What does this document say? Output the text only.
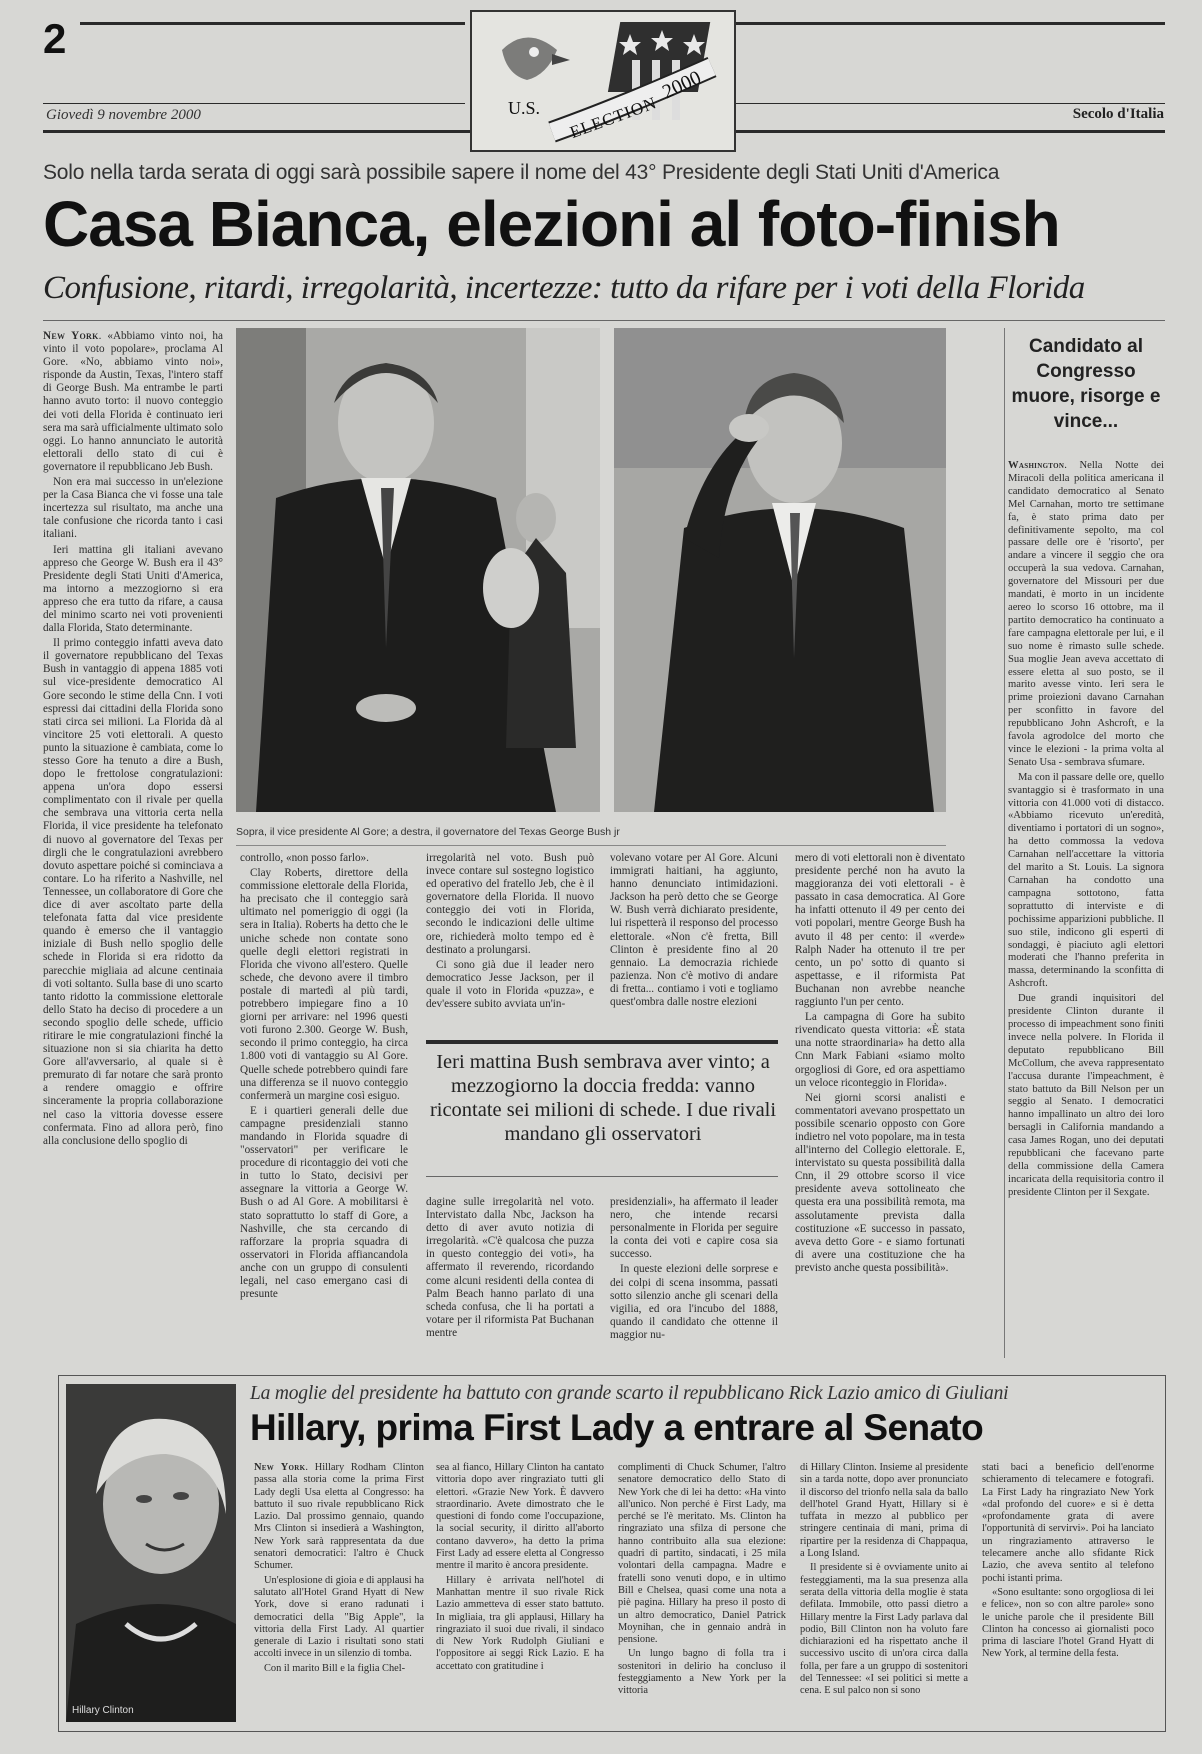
2
Giovedì 9 novembre 2000	Secolo d'Italia
U.S. ELECTION
2000
Solo nella tarda serata di oggi sarà possibile sapere il nome del 43° Presidente degli Stati Uniti d'America
Casa Bianca, elezioni al foto-finish
Confusione, ritardi, irregolarità, incertezze: tutto da rifare per i voti della Florida

New York. «Abbiamo vinto noi, ha vinto il voto popolare», proclama Al Gore. «No, abbiamo vinto noi», risponde da Austin, Texas, l'intero staff di George Bush. Ma entrambe le parti hanno avuto torto: il nuovo conteggio dei voti della Florida è continuato ieri sera ma sarà ufficialmente ultimato solo oggi. Lo hanno annunciato le autorità elettorali dello stato di cui è governatore il repubblicano Jeb Bush.

Non era mai successo in un'elezione per la Casa Bianca che vi fosse una tale incertezza sul risultato, ma anche una tale confusione che ricorda tanto i casi italiani.

Ieri mattina gli italiani avevano appreso che George W. Bush era il 43° Presidente degli Stati Uniti d'America, ma intorno a mezzogiorno si era appreso che era tutto da rifare, a causa del minimo scarto nei voti provenienti dalla Florida, Stato determinante.

Il primo conteggio infatti aveva dato il governatore repubblicano del Texas Bush in vantaggio di appena 1885 voti sul vice-presidente democratico Al Gore secondo le stime della Cnn. I voti espressi dai cittadini della Florida sono stati circa sei milioni. La Florida dà al vincitore 25 voti elettorali. A questo punto la situazione è cambiata, come lo stesso Gore ha tenuto a dire a Bush, dopo le frettolose congratulazioni: appena un'ora dopo essersi complimentato con il rivale per quella che sembrava una vittoria certa nella Florida, il vice presidente ha telefonato di nuovo al governatore del Texas per dirgli che le congratulazioni avrebbero dovuto aspettare poiché si cominciava a contare. Lo ha riferito a Nashville, nel Tennessee, un collaboratore di Gore che dice di aver ascoltato parte della telefonata fatta dal vice presidente quando è emerso che il vantaggio iniziale di Bush nello spoglio delle schede in Florida si era ridotto da parecchie migliaia ad alcune centinaia di voti soltanto. Sulla base di uno scarto tanto ridotto la commissione elettorale dello Stato ha deciso di procedere a un secondo spoglio delle schede, ufficio ritirare le mie congratulazioni finché la situazione non si sia chiarita ha detto Gore all'avversario, al quale si è premurato di far notare che sarà pronto a rendere omaggio e offrire sinceramente la propria collaborazione nel caso la vittoria dovesse essere confermata. Fino ad allora però, fino alla conclusione dello spoglio di

Sopra, il vice presidente Al Gore; a destra, il governatore del Texas George Bush jr

controllo, «non posso farlo».

Clay Roberts, direttore della commissione elettorale della Florida, ha precisato che il conteggio sarà ultimato nel pomeriggio di oggi (la sera in Italia). Roberts ha detto che le uniche schede non contate sono quelle degli elettori registrati in Florida che vivono all'estero. Quelle schede, che devono avere il timbro postale di martedì al più tardi, potrebbero impiegare fino a 10 giorni per arrivare: nel 1996 questi voti furono 2.300. George W. Bush, secondo il primo conteggio, ha circa 1.800 voti di vantaggio su Al Gore. Quelle schede potrebbero quindi fare una differenza se il nuovo conteggio confermerà un margine così esiguo.

E i quartieri generali delle due campagne presidenziali stanno mandando in Florida squadre di "osservatori" per verificare le procedure di ricontaggio dei voti che in tutto lo Stato, decisivi per assegnare la vittoria a George W. Bush o ad Al Gore. A mobilitarsi è stato soprattutto lo staff di Gore, a Nashville, che sta cercando di rafforzare la propria squadra di osservatori in Florida affiancandola anche con un gruppo di consulenti legali, nel caso emergano casi di presunte

irregolarità nel voto. Bush può invece contare sul sostegno logistico ed operativo del fratello Jeb, che è il governatore della Florida. Il nuovo conteggio dei voti in Florida, secondo le indicazioni delle ultime ore, richiederà molto tempo ed è destinato a prolungarsi.

Ci sono già due il leader nero democratico Jesse Jackson, per il quale il voto in Florida «puzza», e dev'essere subito avviata un'in-

volevano votare per Al Gore. Alcuni immigrati haitiani, ha aggiunto, hanno denunciato intimidazioni. Jackson ha però detto che se George W. Bush verrà dichiarato presidente, lui rispetterà il responso del processo elettorale. «Non c'è fretta, Bill Clinton è presidente fino al 20 gennaio. La democrazia richiede pazienza. Non c'è motivo di andare di fretta... contiamo i voti e togliamo quest'ombra dalle nostre elezioni

Ieri mattina Bush sembrava aver vinto; a mezzogiorno la doccia fredda: vanno ricontate sei milioni di schede. I due rivali mandano gli osservatori

dagine sulle irregolarità nel voto. Intervistato dalla Nbc, Jackson ha detto di aver avuto notizia di irregolarità. «C'è qualcosa che puzza in questo conteggio dei voti», ha affermato il reverendo, ricordando come alcuni residenti della contea di Palm Beach hanno parlato di una scheda confusa, che li ha portati a votare per il riformista Pat Buchanan mentre

presidenziali», ha affermato il leader nero, che intende recarsi personalmente in Florida per seguire la conta dei voti e capire cosa sia successo.

In queste elezioni delle sorprese e dei colpi di scena insomma, passati sotto silenzio anche gli scenari della vigilia, ed ora l'incubo del 1888, quando il candidato che ottenne il maggior nu-

mero di voti elettorali non è diventato presidente perché non ha avuto la maggioranza dei voti elettorali - è passato in casa democratica. Al Gore ha infatti ottenuto il 49 per cento dei voti popolari, mentre George Bush ha avuto il 48 per cento: il «verde» Ralph Nader ha ottenuto il tre per cento, un po' sotto di quanto si aspettasse, e il riformista Pat Buchanan non avrebbe neanche raggiunto l'un per cento.

La campagna di Gore ha subito rivendicato questa vittoria: «È stata una notte straordinaria» ha detto alla Cnn Mark Fabiani «siamo molto orgogliosi di Gore, ed ora aspettiamo un veloce riconteggio in Florida».

Nei giorni scorsi analisti e commentatori avevano prospettato un possibile scenario opposto con Gore indietro nel voto popolare, ma in testa all'interno del Collegio elettorale. E, intervistato su questa possibilità dalla Cnn, il 29 ottobre scorso il vice presidente aveva sottolineato che questa era una possibilità remota, ma assolutamente prevista dalla costituzione «E successo in passato, aveva detto Gore - e siamo fortunati di avere una costituzione che ha previsto anche questa possibilità».

Candidato al Congresso muore, risorge e vince...

Washington. Nella Notte dei Miracoli della politica americana il candidato democratico al Senato Mel Carnahan, morto tre settimane fa, è stato prima dato per definitivamente sepolto, ma col passare delle ore è 'risorto', per andare a vincere il seggio che ora occuperà la sua vedova. Carnahan, governatore del Missouri per due mandati, è morto in un incidente aereo lo scorso 16 ottobre, ma il partito democratico ha continuato a fare campagna elettorale per lui, e il suo nome è rimasto sulle schede. Sua moglie Jean aveva accettato di essere eletta al suo posto, se il marito avesse vinto. Ieri sera le prime proiezioni davano Carnahan per sconfitto in favore del repubblicano John Ashcroft, e la favola agrodolce del morto che vince le elezioni - la prima volta al Senato Usa - sembrava sfumare.

Ma con il passare delle ore, quello svantaggio si è trasformato in una vittoria con 41.000 voti di distacco. «Abbiamo ricevuto un'eredità, diventiamo i portatori di un sogno», ha detto commossa la vedova Carnahan nell'accettare la vittoria del marito a St. Louis. La signora Carnahan ha condotto una campagna sottotono, fatta soprattutto di interviste e di pochissime apparizioni pubbliche. Il suo stile, indicono gli esperti di sondaggi, è piaciuto agli elettori moderati che l'hanno preferita in massa, determinando la sconfitta di Ashcroft.

Due grandi inquisitori del presidente Clinton durante il processo di impeachment sono finiti invece nella polvere. In Florida il deputato repubblicano Bill McCollum, che aveva rappresentato l'accusa durante l'impeachment, è stato battuto da Bill Nelson per un seggio al Senato. I democratici hanno impallinato un altro dei loro bersagli in California mandando a casa James Rogan, uno dei deputati repubblicani che facevano parte della commissione della Camera incaricata della requisitoria contro il presidente Clinton per il Sexgate.

Hillary Clinton
La moglie del presidente ha battuto con grande scarto il repubblicano Rick Lazio amico di Giuliani
Hillary, prima First Lady a entrare al Senato

New York. Hillary Rodham Clinton passa alla storia come la prima First Lady degli Usa eletta al Congresso: ha battuto il suo rivale repubblicano Rick Lazio. Dal prossimo gennaio, quando Mrs Clinton si insedierà a Washington, New York sarà rappresentata da due senatori democratici: l'altro è Chuck Schumer.

Un'esplosione di gioia e di applausi ha salutato all'Hotel Grand Hyatt di New York, dove si erano radunati i democratici della "Big Apple", la vittoria della First Lady. Al quartier generale di Lazio i risultati sono stati accolti invece in un silenzio di tomba.

Con il marito Bill e la figlia Chel-

sea al fianco, Hillary Clinton ha cantato vittoria dopo aver ringraziato tutti gli elettori. «Grazie New York. È davvero straordinario. Avete dimostrato che le questioni di fondo come l'occupazione, la social security, il diritto all'aborto contano davvero», ha detto la prima First Lady ad essere eletta al Congresso mentre il marito è ancora presidente.

Hillary è arrivata nell'hotel di Manhattan mentre il suo rivale Rick Lazio ammetteva di esser stato battuto. In migliaia, tra gli applausi, Hillary ha ringraziato il suoi due rivali, il sindaco di New York Rudolph Giuliani e l'oppositore ai seggi Rick Lazio. E ha accettato con gratitudine i

complimenti di Chuck Schumer, l'altro senatore democratico dello Stato di New York che di lei ha detto: «Ha vinto all'unico. Non perché è First Lady, ma perché se l'è meritato. Ms. Clinton ha ringraziato una sfilza di persone che hanno contribuito alla sua elezione: quadri di partito, sindacati, i 25 mila volontari della campagna. Madre e fratelli sono venuti dopo, e in ultimo Bill e Chelsea, quasi come una nota a piè pagina. Hillary ha preso il posto di un altro democratico, Daniel Patrick Moynihan, che in gennaio andrà in pensione.

Un lungo bagno di folla tra i sostenitori in delirio ha concluso il festeggiamento a New York per la vittoria

di Hillary Clinton. Insieme al presidente sin a tarda notte, dopo aver pronunciato il discorso del trionfo nella sala da ballo dell'hotel Grand Hyatt, Hillary si è tuffata in mezzo al pubblico per stringere centinaia di mani, prima di ripartire per la residenza di Chappaqua, a Long Island.

Il presidente si è ovviamente unito ai festeggiamenti, ma la sua presenza alla serata della vittoria della moglie è stata defilata. Immobile, otto passi dietro a Hillary mentre la First Lady parlava dal podio, Bill Clinton non ha voluto fare dichiarazioni ed ha rispettato anche il successivo uscito di un'ora circa dalla folla, per fare a un gruppo di sostenitori del Tennessee: «I sei politici si mette a cena. E sul palco non si sono

stati baci a beneficio dell'enorme schieramento di telecamere e fotografi. La First Lady ha ringraziato New York «dal profondo del cuore» e si è detta «profondamente grata di avere l'opportunità di servirvi». Poi ha lanciato un ringraziamento attraverso le telecamere anche allo sfidante Rick Lazio, che aveva sentito al telefono pochi istanti prima.

«Sono esultante: sono orgogliosa di lei e felice», non so con altre parole» sono le uniche parole che il presidente Bill Clinton ha concesso ai giornalisti poco prima di lasciare l'hotel Grand Hyatt di New York, al termine della festa.
